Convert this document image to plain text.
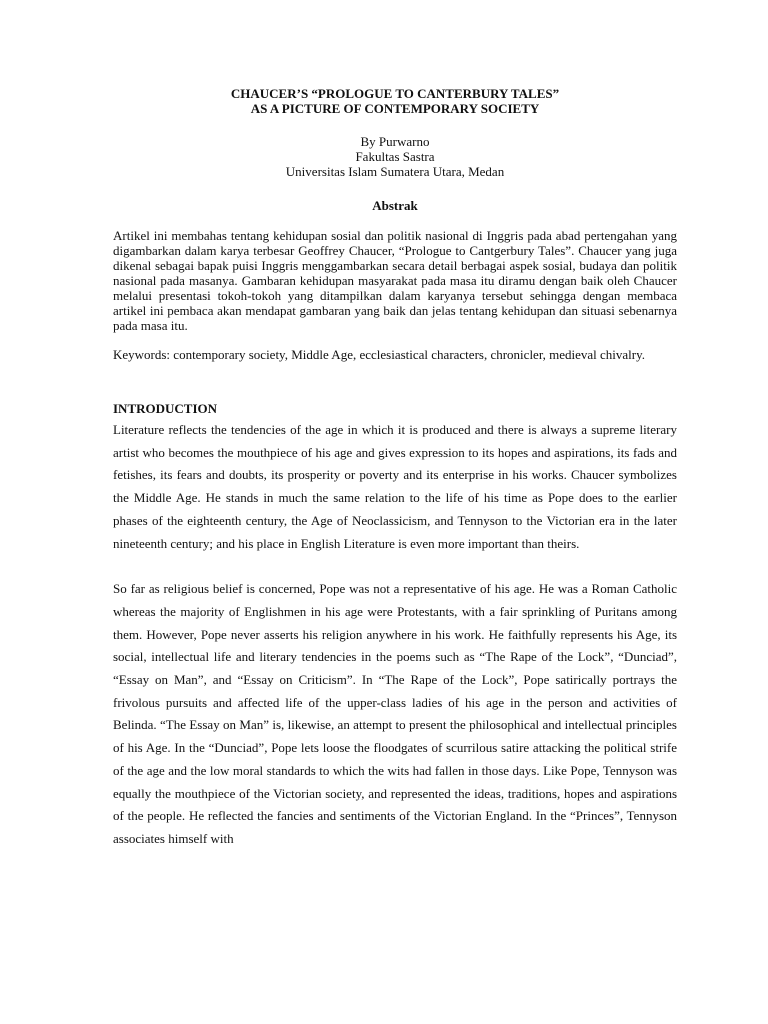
CHAUCER’S “PROLOGUE TO CANTERBURY TALES”
AS A PICTURE OF CONTEMPORARY SOCIETY
By Purwarno
Fakultas Sastra
Universitas Islam Sumatera Utara, Medan
Abstrak

Artikel ini membahas tentang kehidupan sosial dan politik nasional di Inggris pada abad pertengahan yang digambarkan dalam karya terbesar Geoffrey Chaucer, “Prologue to Cantgerbury Tales”. Chaucer yang juga dikenal sebagai bapak puisi Inggris menggambarkan secara detail berbagai aspek sosial, budaya dan politik nasional pada masanya. Gambaran kehidupan masyarakat pada masa itu diramu dengan baik oleh Chaucer melalui presentasi tokoh-tokoh yang ditampilkan dalam karyanya tersebut sehingga dengan membaca artikel ini pembaca akan mendapat gambaran yang baik dan jelas tentang kehidupan dan situasi sebenarnya pada masa itu.

Keywords: contemporary society, Middle Age, ecclesiastical characters, chronicler, medieval chivalry.

INTRODUCTION

Literature reflects the tendencies of the age in which it is produced and there is always a supreme literary artist who becomes the mouthpiece of his age and gives expression to its hopes and aspirations, its fads and fetishes, its fears and doubts, its prosperity or poverty and its enterprise in his works. Chaucer symbolizes the Middle Age. He stands in much the same relation to the life of his time as Pope does to the earlier phases of the eighteenth century, the Age of Neoclassicism, and Tennyson to the Victorian era in the later nineteenth century; and his place in English Literature is even more important than theirs.

So far as religious belief is concerned, Pope was not a representative of his age. He was a Roman Catholic whereas the majority of Englishmen in his age were Protestants, with a fair sprinkling of Puritans among them. However, Pope never asserts his religion anywhere in his work. He faithfully represents his Age, its social, intellectual life and literary tendencies in the poems such as “The Rape of the Lock”, “Dunciad”, “Essay on Man”, and “Essay on Criticism”. In “The Rape of the Lock”, Pope satirically portrays the frivolous pursuits and affected life of the upper-class ladies of his age in the person and activities of Belinda. “The Essay on Man” is, likewise, an attempt to present the philosophical and intellectual principles of his Age. In the “Dunciad”, Pope lets loose the floodgates of scurrilous satire attacking the political strife of the age and the low moral standards to which the wits had fallen in those days. Like Pope, Tennyson was equally the mouthpiece of the Victorian society, and represented the ideas, traditions, hopes and aspirations of the people. He reflected the fancies and sentiments of the Victorian England. In the “Princes”, Tennyson associates himself with
